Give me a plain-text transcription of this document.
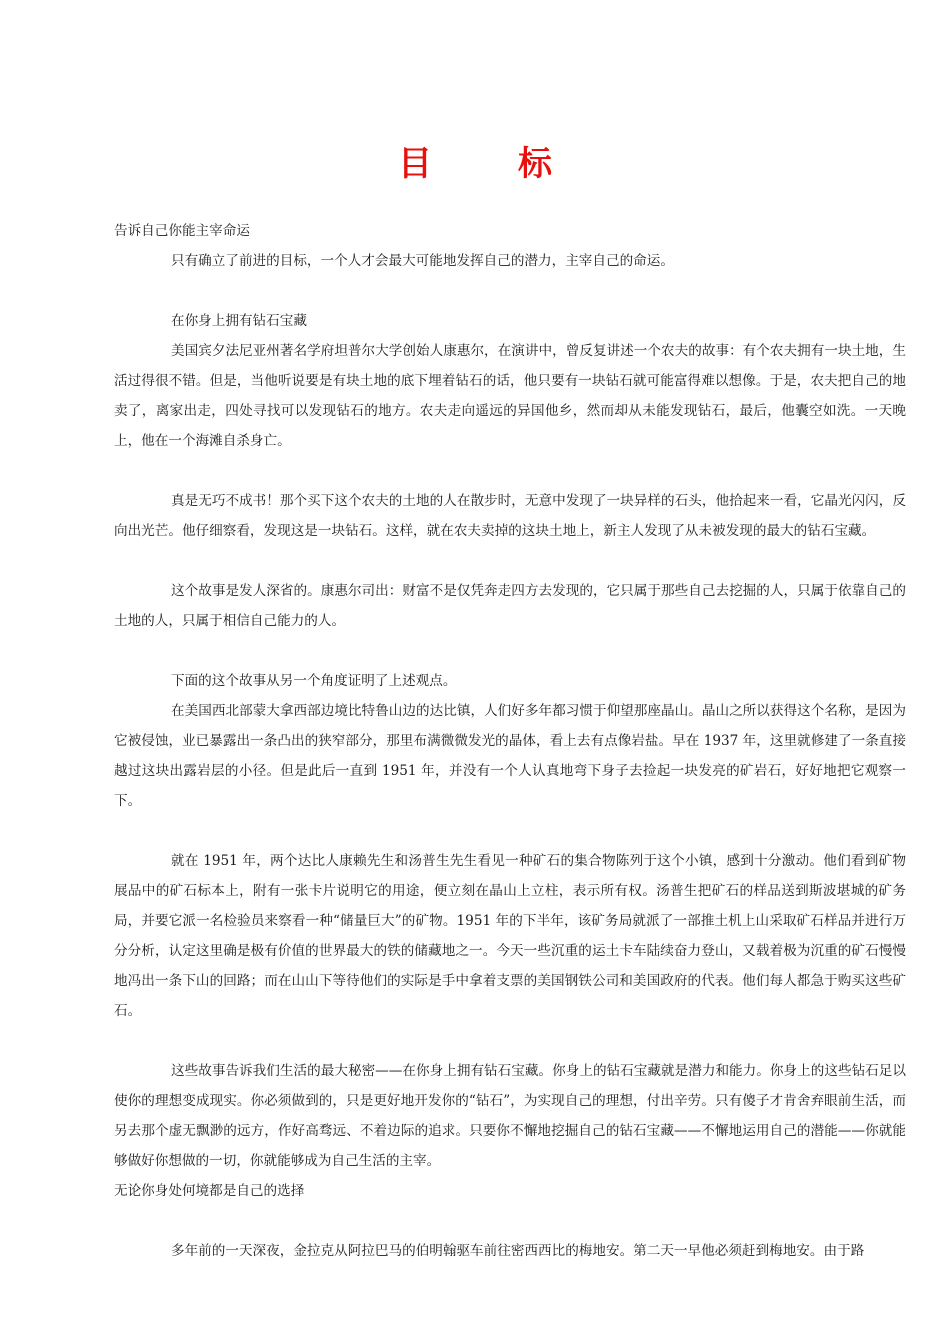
目	标

告诉自己你能主宰命运

只有确立了前进的目标，一个人才会最大可能地发挥自己的潜力，主宰自己的命运。

在你身上拥有钻石宝藏

美国宾夕法尼亚州著名学府坦普尔大学创始人康惠尔，在演讲中，曾反复讲述一个农夫的故事：有个农夫拥有一块土地，生活过得很不错。但是，当他听说要是有块土地的底下埋着钻石的话，他只要有一块钻石就可能富得难以想像。于是，农夫把自己的地卖了，离家出走，四处寻找可以发现钻石的地方。农夫走向遥远的异国他乡，然而却从未能发现钻石，最后，他囊空如洗。一天晚上，他在一个海滩自杀身亡。

真是无巧不成书！那个买下这个农夫的土地的人在散步时，无意中发现了一块异样的石头，他拾起来一看，它晶光闪闪，反向出光芒。他仔细察看，发现这是一块钻石。这样，就在农夫卖掉的这块土地上，新主人发现了从未被发现的最大的钻石宝藏。

这个故事是发人深省的。康惠尔司出：财富不是仅凭奔走四方去发现的，它只属于那些自己去挖掘的人，只属于依靠自己的土地的人，只属于相信自己能力的人。

下面的这个故事从另一个角度证明了上述观点。

在美国西北部蒙大拿西部边境比特鲁山边的达比镇，人们好多年都习惯于仰望那座晶山。晶山之所以获得这个名称，是因为它被侵蚀，业已暴露出一条凸出的狭窄部分，那里布满微微发光的晶体，看上去有点像岩盐。早在 1937 年，这里就修建了一条直接越过这块出露岩层的小径。但是此后一直到 1951 年，并没有一个人认真地弯下身子去捡起一块发亮的矿岩石，好好地把它观察一下。

就在 1951 年，两个达比人康赖先生和汤普生先生看见一种矿石的集合物陈列于这个小镇，感到十分激动。他们看到矿物展品中的矿石标本上，附有一张卡片说明它的用途，便立刻在晶山上立柱，表示所有权。汤普生把矿石的样品送到斯波堪城的矿务局，并要它派一名检验员来察看一种“储量巨大”的矿物。1951 年的下半年，该矿务局就派了一部推土机上山采取矿石样品并进行万分分析，认定这里确是极有价值的世界最大的铁的储藏地之一。今天一些沉重的运土卡车陆续奋力登山，又载着极为沉重的矿石慢慢地冯出一条下山的回路；而在山山下等待他们的实际是手中拿着支票的美国钢铁公司和美国政府的代表。他们每人都急于购买这些矿石。

这些故事告诉我们生活的最大秘密——在你身上拥有钻石宝藏。你身上的钻石宝藏就是潜力和能力。你身上的这些钻石足以使你的理想变成现实。你必须做到的，只是更好地开发你的“钻石”，为实现自己的理想，付出辛劳。只有傻子才肯舍弃眼前生活，而另去那个虚无飘渺的远方，作好高骛远、不着边际的追求。只要你不懈地挖掘自己的钻石宝藏——不懈地运用自己的潜能——你就能够做好你想做的一切，你就能够成为自己生活的主宰。

无论你身处何境都是自己的选择

多年前的一天深夜，金拉克从阿拉巴马的伯明翰驱车前往密西西比的梅地安。第二天一早他必须赶到梅地安。由于路
